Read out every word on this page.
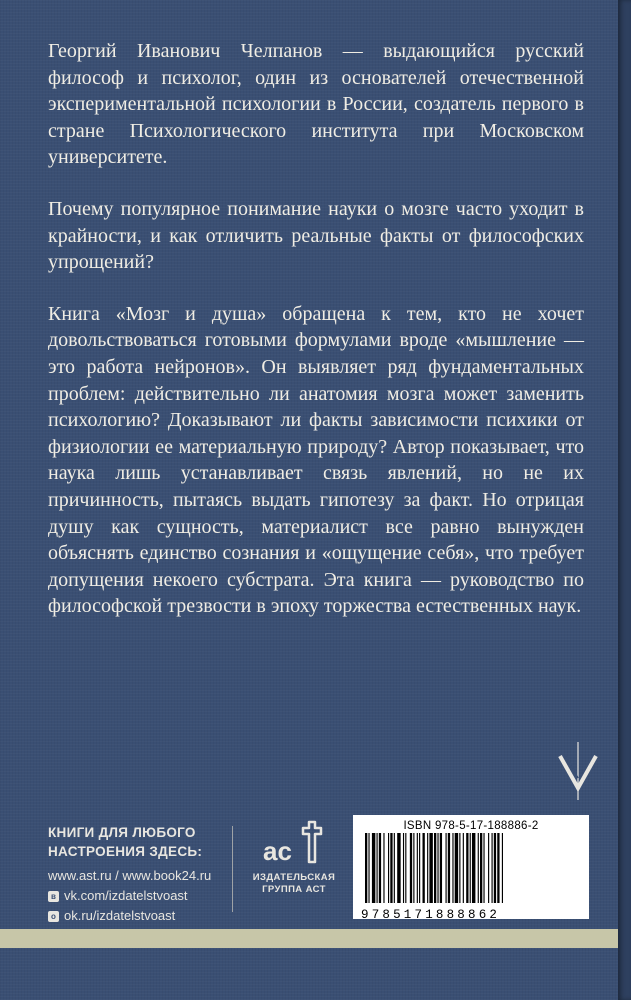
Георгий Иванович Челпанов — выдающийся русский философ и психолог, один из основателей отечественной экспериментальной психологии в России, создатель первого в стране Психологического института при Московском университете.

Почему популярное понимание науки о мозге часто уходит в крайности, и как отличить реальные факты от философских упрощений?

Книга «Мозг и душа» обращена к тем, кто не хочет довольствоваться готовыми формулами вроде «мышление — это работа нейронов». Он выявляет ряд фундаментальных проблем: действительно ли анатомия мозга может заменить психологию? Доказывают ли факты зависимости психики от физиологии ее материальную природу? Автор показывает, что наука лишь устанавливает связь явлений, но не их причинность, пытаясь выдать гипотезу за факт. Но отрицая душу как сущность, материалист все равно вынужден объяснять единство сознания и «ощущение себя», что требует допущения некоего субстрата. Эта книга — руководство по философской трезвости в эпоху торжества естественных наук.

КНИГИ ДЛЯ ЛЮБОГО НАСТРОЕНИЯ ЗДЕСЬ:
www.ast.ru / www.book24.ru
в vk.com/izdatelstvoast
о ok.ru/izdatelstvoast
ac
ИЗДАТЕЛЬСКАЯ ГРУППА АСТ
ISBN 978-5-17-188886-2
9785171888862
